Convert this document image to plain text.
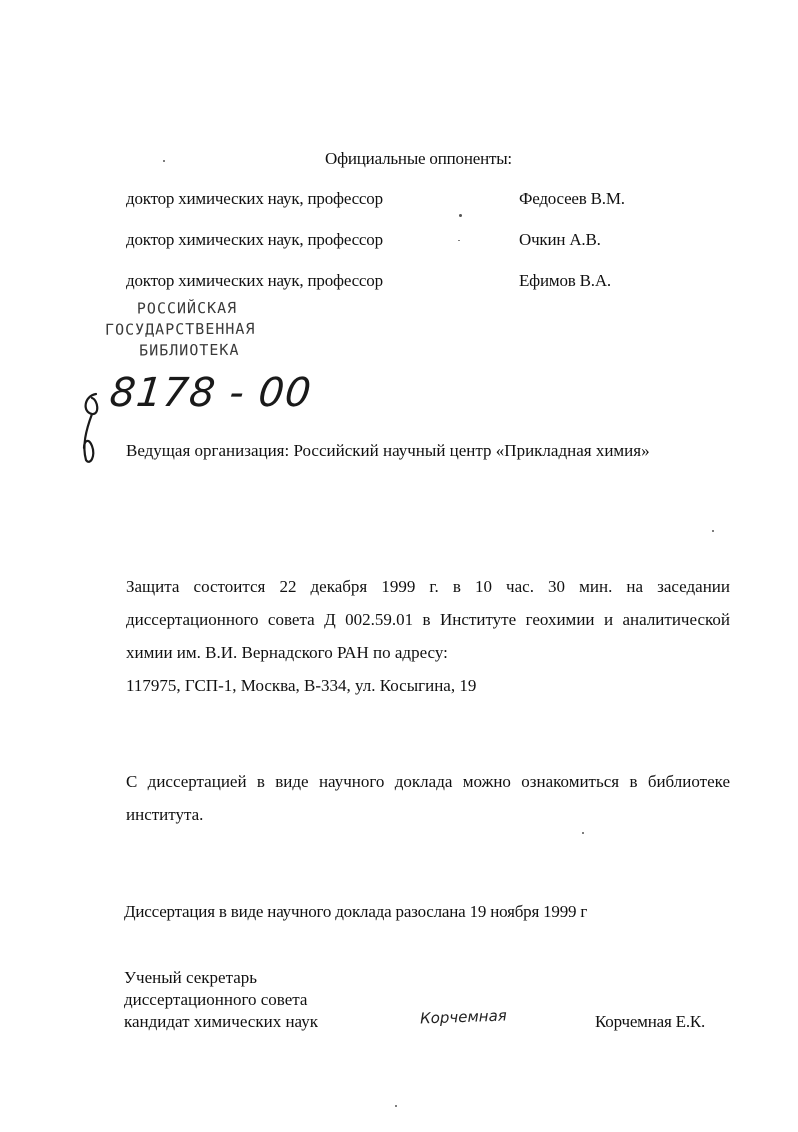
Официальные оппоненты:
доктор химических наук, профессор	Федосеев В.М.
доктор химических наук, профессор	Очкин А.В.
доктор химических наук, профессор	Ефимов В.А.
РОССИЙСКАЯ
ГОСУДАРСТВЕННАЯ
БИБЛИОТЕКА
8178 - 00
Ведущая организация: Российский научный центр «Прикладная химия»
Защита состоится 22 декабря 1999 г. в 10 час. 30 мин. на заседании диссертационного совета Д 002.59.01 в Институте геохимии и аналитической химии им. В.И. Вернадского РАН по адресу:
117975, ГСП-1, Москва, В-334, ул. Косыгина, 19
С диссертацией в виде научного доклада можно ознакомиться в библиотеке института.
Диссертация в виде научного доклада разослана 19 ноября 1999 г
Ученый секретарь
диссертационного совета
кандидат химических наук	Корчемная	Корчемная Е.К.
